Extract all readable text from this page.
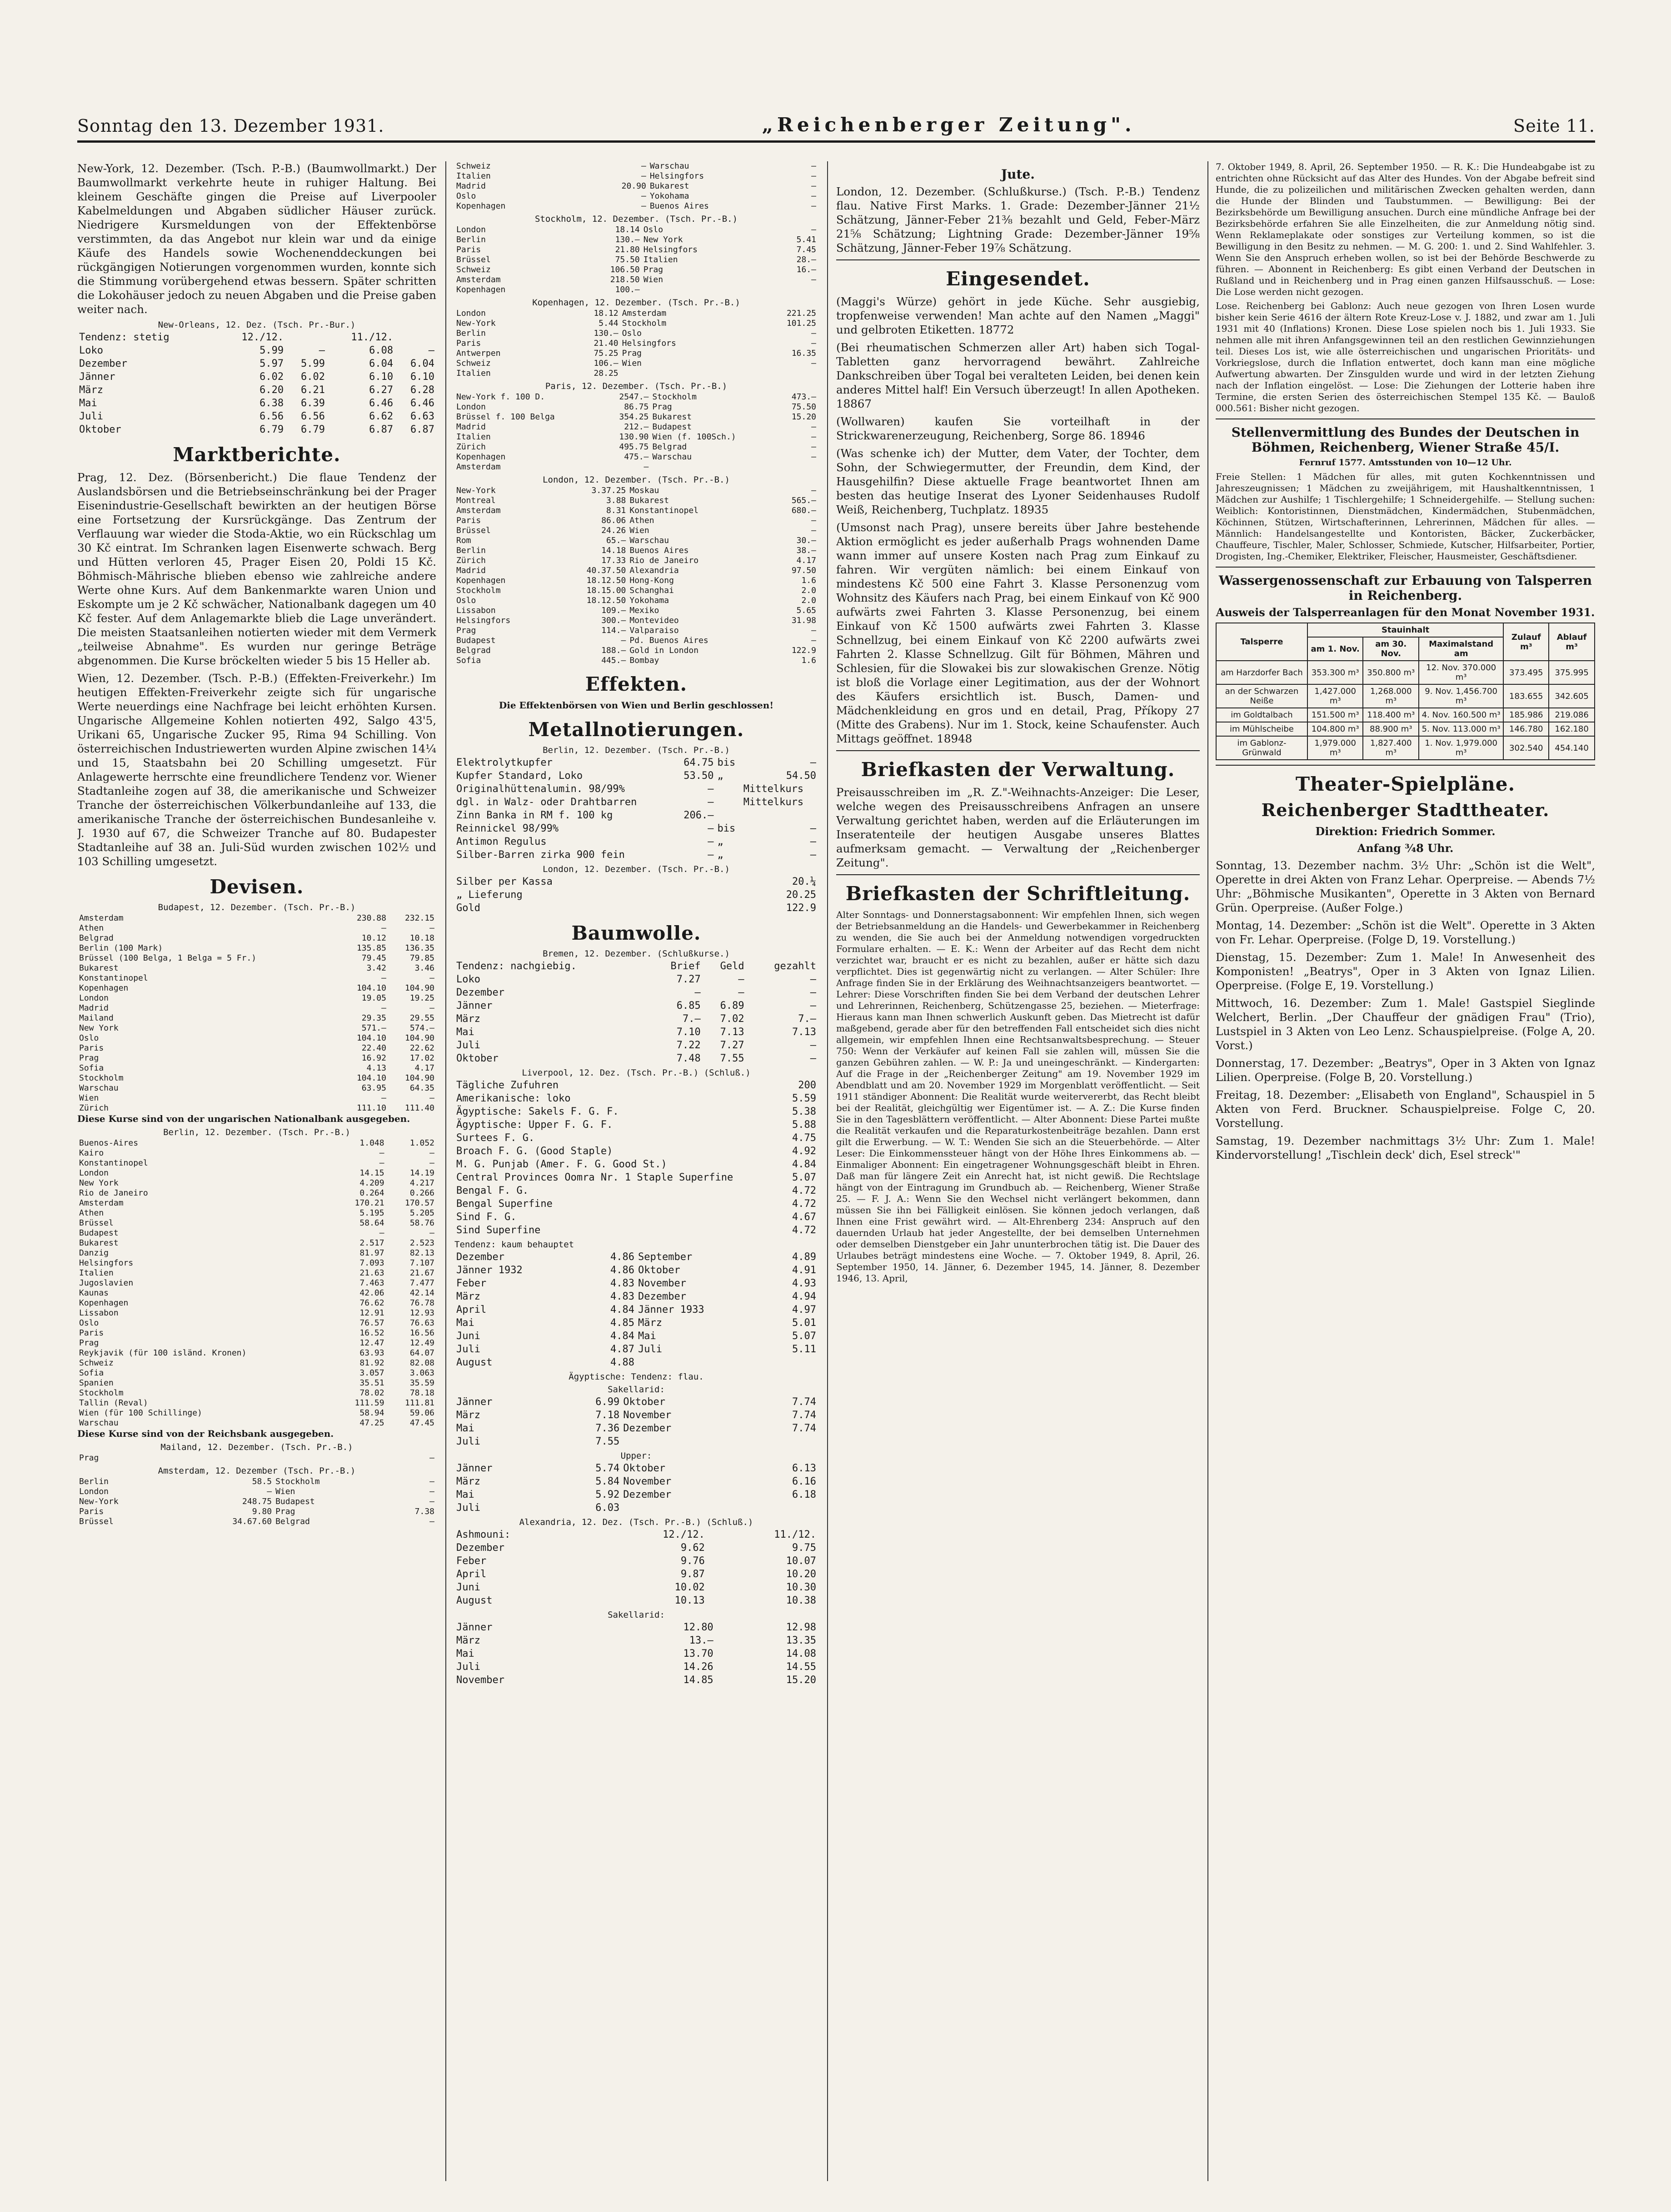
Sonntag den 13. Dezember 1931.	„Reichenberger Zeitung".	Seite 11.

New-York, 12. Dezember. (Tsch. P.-B.) (Baumwollmarkt.) Der Baumwollmarkt verkehrte heute in ruhiger Haltung. Bei kleinem Geschäfte gingen die Preise auf Liverpooler Kabelmeldungen und Abgaben südlicher Häuser zurück. Niedrigere Kursmeldungen von der Effektenbörse verstimmten, da das Angebot nur klein war und da einige Käufe des Handels sowie Wochenenddeckungen bei rückgängigen Notierungen vorgenommen wurden, konnte sich die Stimmung vorübergehend etwas bessern. Später schritten die Lokohäuser jedoch zu neuen Abgaben und die Preise gaben weiter nach.

New-Orleans, 12. Dez. (Tsch. Pr.-Bur.)
Tendenz: stetig	12./12.		11./12.	
Loko	5.99	—	6.08	—
Dezember	5.97	5.99	6.04	6.04
Jänner	6.02	6.02	6.10	6.10
März	6.20	6.21	6.27	6.28
Mai	6.38	6.39	6.46	6.46
Juli	6.56	6.56	6.62	6.63
Oktober	6.79	6.79	6.87	6.87
Marktberichte.

Prag, 12. Dez. (Börsenbericht.) Die flaue Tendenz der Auslandsbörsen und die Betriebseinschränkung bei der Prager Eisenindustrie-Gesellschaft bewirkten an der heutigen Börse eine Fortsetzung der Kursrückgänge. Das Zentrum der Verflauung war wieder die Stoda-Aktie, wo ein Rückschlag um 30 Kč eintrat. Im Schranken lagen Eisenwerte schwach. Berg und Hütten verloren 45, Prager Eisen 20, Poldi 15 Kč. Böhmisch-Mährische blieben ebenso wie zahlreiche andere Werte ohne Kurs. Auf dem Bankenmarkte waren Union und Eskompte um je 2 Kč schwächer, Nationalbank dagegen um 40 Kč fester. Auf dem Anlagemarkte blieb die Lage unverändert. Die meisten Staatsanleihen notierten wieder mit dem Vermerk „teilweise Abnahme". Es wurden nur geringe Beträge abgenommen. Die Kurse bröckelten wieder 5 bis 15 Heller ab.

Wien, 12. Dezember. (Tsch. P.-B.) (Effekten-Freiverkehr.) Im heutigen Effekten-Freiverkehr zeigte sich für ungarische Werte neuerdings eine Nachfrage bei leicht erhöhten Kursen. Ungarische Allgemeine Kohlen notierten 492, Salgo 43'5, Urikani 65, Ungarische Zucker 95, Rima 94 Schilling. Von österreichischen Industriewerten wurden Alpine zwischen 14¼ und 15, Staatsbahn bei 20 Schilling umgesetzt. Für Anlagewerte herrschte eine freundlichere Tendenz vor. Wiener Stadtanleihe zogen auf 38, die amerikanische und Schweizer Tranche der österreichischen Völkerbundanleihe auf 133, die amerikanische Tranche der österreichischen Bundesanleihe v. J. 1930 auf 67, die Schweizer Tranche auf 80. Budapester Stadtanleihe auf 38 an. Juli-Süd wurden zwischen 102½ und 103 Schilling umgesetzt.

Devisen.
Budapest, 12. Dezember. (Tsch. Pr.-B.)
Amsterdam	230.88	232.15
Athen	—	—
Belgrad	10.12	10.18
Berlin (100 Mark)	135.85	136.35
Brüssel (100 Belga, 1 Belga = 5 Fr.)	79.45	79.85
Bukarest	3.42	3.46
Konstantinopel	—	—
Kopenhagen	104.10	104.90
London	19.05	19.25
Madrid	—	—
Mailand	29.35	29.55
New York	571.—	574.—
Oslo	104.10	104.90
Paris	22.40	22.62
Prag	16.92	17.02
Sofia	4.13	4.17
Stockholm	104.10	104.90
Warschau	63.95	64.35
Wien	—	—
Zürich	111.10	111.40

Diese Kurse sind von der ungarischen Nationalbank ausgegeben.

Berlin, 12. Dezember. (Tsch. Pr.-B.)
Buenos-Aires	1.048	1.052
Kairo	—	—
Konstantinopel	—	—
London	14.15	14.19
New York	4.209	4.217
Rio de Janeiro	0.264	0.266
Amsterdam	170.21	170.57
Athen	5.195	5.205
Brüssel	58.64	58.76
Budapest	—	—
Bukarest	2.517	2.523
Danzig	81.97	82.13
Helsingfors	7.093	7.107
Italien	21.63	21.67
Jugoslavien	7.463	7.477
Kaunas	42.06	42.14
Kopenhagen	76.62	76.78
Lissabon	12.91	12.93
Oslo	76.57	76.63
Paris	16.52	16.56
Prag	12.47	12.49
Reykjavik (für 100 isländ. Kronen)	63.93	64.07
Schweiz	81.92	82.08
Sofia	3.057	3.063
Spanien	35.51	35.59
Stockholm	78.02	78.18
Tallin (Reval)	111.59	111.81
Wien (für 100 Schillinge)	58.94	59.06
Warschau	47.25	47.45

Diese Kurse sind von der Reichsbank ausgegeben.

Mailand, 12. Dezember. (Tsch. Pr.-B.)
Prag	—
Amsterdam, 12. Dezember (Tsch. Pr.-B.)
Berlin	58.5	Stockholm	—
London	—	Wien	—
New-York	248.75	Budapest	—
Paris	9.80	Prag	7.38
Brüssel	34.67.60	Belgrad	—
Schweiz	—	Warschau	—
Italien	—	Helsingfors	—
Madrid	20.90	Bukarest	—
Oslo	—	Yokohama	—
Kopenhagen	—	Buenos Aires	—
Stockholm, 12. Dezember. (Tsch. Pr.-B.)
London	18.14	Oslo	—
Berlin	130.—	New York	5.41
Paris	21.80	Helsingfors	7.45
Brüssel	75.50	Italien	28.—
Schweiz	106.50	Prag	16.—
Amsterdam	218.50	Wien	—
Kopenhagen	100.—		
Kopenhagen, 12. Dezember. (Tsch. Pr.-B.)
London	18.12	Amsterdam	221.25
New-York	5.44	Stockholm	101.25
Berlin	130.—	Oslo	—
Paris	21.40	Helsingfors	—
Antwerpen	75.25	Prag	16.35
Schweiz	106.—	Wien	—
Italien	28.25		
Paris, 12. Dezember. (Tsch. Pr.-B.)
New-York f. 100 D.	2547.—	Stockholm	473.—
London	86.75	Prag	75.50
Brüssel f. 100 Belga	354.25	Bukarest	15.20
Madrid	212.—	Budapest	—
Italien	130.90	Wien (f. 100Sch.)	—
Zürich	495.75	Belgrad	—
Kopenhagen	475.—	Warschau	—
Amsterdam	—		
London, 12. Dezember. (Tsch. Pr.-B.)
New-York	3.37.25	Moskau	—
Montreal	3.88	Bukarest	565.—
Amsterdam	8.31	Konstantinopel	680.—
Paris	86.06	Athen	—
Brüssel	24.26	Wien	—
Rom	65.—	Warschau	30.—
Berlin	14.18	Buenos Aires	38.—
Zürich	17.33	Rio de Janeiro	4.17
Madrid	40.37.50	Alexandria	97.50
Kopenhagen	18.12.50	Hong-Kong	1.6
Stockholm	18.15.00	Schanghai	2.0
Oslo	18.12.50	Yokohama	2.0
Lissabon	109.—	Mexiko	5.65
Helsingfors	300.—	Montevideo	31.98
Prag	114.—	Valparaiso	—
Budapest	—	Pd. Buenos Aires	—
Belgrad	188.—	Gold in London	122.9
Sofia	445.—	Bombay	1.6
Effekten.

Die Effektenbörsen von Wien und Berlin geschlossen!

Metallnotierungen.
Berlin, 12. Dezember. (Tsch. Pr.-B.)
Elektrolytkupfer	64.75	bis	—
Kupfer Standard, Loko	53.50	„	54.50
Originalhüttenalumin. 98/99%	—		Mittelkurs
dgl. in Walz- oder Drahtbarren	—		Mittelkurs
Zinn Banka in RM f. 100 kg	206.—		
Reinnickel 98/99%	—	bis	—
Antimon Regulus	—	„	—
Silber-Barren zirka 900 fein	—	„	—
London, 12. Dezember. (Tsch. Pr.-B.)
Silber per Kassa	20.¼
„ Lieferung	20.25
Gold	122.9
Baumwolle.
Bremen, 12. Dezember. (Schlußkurse.)
Tendenz: nachgiebig.	Brief	Geld	gezahlt
Loko	7.27	—	—
Dezember	—	—	—
Jänner	6.85	6.89	—
März	7.—	7.02	7.—
Mai	7.10	7.13	7.13
Juli	7.22	7.27	—
Oktober	7.48	7.55	—
Liverpool, 12. Dez. (Tsch. Pr.-B.) (Schluß.)
Tägliche Zufuhren	200
Amerikanische: loko	5.59
Ägyptische: Sakels F. G. F.	5.38
Ägyptische: Upper F. G. F.	5.88
Surtees F. G.	4.75
Broach F. G. (Good Staple)	4.92
M. G. Punjab (Amer. F. G. Good St.)	4.84
Central Provinces Oomra Nr. 1 Staple Superfine	5.07
Bengal F. G.	4.72
Bengal Superfine	4.72
Sind F. G.	4.67
Sind Superfine	4.72
Tendenz: kaum behauptet
Dezember	4.86	September	4.89
Jänner 1932	4.86	Oktober	4.91
Feber	4.83	November	4.93
März	4.83	Dezember	4.94
April	4.84	Jänner 1933	4.97
Mai	4.85	März	5.01
Juni	4.84	Mai	5.07
Juli	4.87	Juli	5.11
August	4.88		
Ägyptische: Tendenz: flau.
Sakellarid:
Jänner	6.99	Oktober	7.74
März	7.18	November	7.74
Mai	7.36	Dezember	7.74
Juli	7.55		
Upper:
Jänner	5.74	Oktober	6.13
März	5.84	November	6.16
Mai	5.92	Dezember	6.18
Juli	6.03		
Alexandria, 12. Dez. (Tsch. Pr.-B.) (Schluß.)
Ashmouni:	12./12.	11./12.
Dezember	9.62	9.75
Feber	9.76	10.07
April	9.87	10.20
Juni	10.02	10.30
August	10.13	10.38
Sakellarid:
Jänner	12.80	12.98
März	13.—	13.35
Mai	13.70	14.08
Juli	14.26	14.55
November	14.85	15.20
Jute.

London, 12. Dezember. (Schlußkurse.) (Tsch. P.-B.) Tendenz flau. Native First Marks. 1. Grade: Dezember-Jänner 21½ Schätzung, Jänner-Feber 21⅜ bezahlt und Geld, Feber-März 21⅝ Schätzung; Lightning Grade: Dezember-Jänner 19⅝ Schätzung, Jänner-Feber 19⅞ Schätzung.

Eingesendet.

(Maggi's Würze) gehört in jede Küche. Sehr ausgiebig, tropfenweise verwenden! Man achte auf den Namen „Maggi" und gelbroten Etiketten. 18772

(Bei rheumatischen Schmerzen aller Art) haben sich Togal-Tabletten ganz hervorragend bewährt. Zahlreiche Dankschreiben über Togal bei veralteten Leiden, bei denen kein anderes Mittel half! Ein Versuch überzeugt! In allen Apotheken. 18867

(Wollwaren) kaufen Sie vorteilhaft in der Strickwarenerzeugung, Reichenberg, Sorge 86. 18946

(Was schenke ich) der Mutter, dem Vater, der Tochter, dem Sohn, der Schwiegermutter, der Freundin, dem Kind, der Hausgehilfin? Diese aktuelle Frage beantwortet Ihnen am besten das heutige Inserat des Lyoner Seidenhauses Rudolf Weiß, Reichenberg, Tuchplatz. 18935

(Umsonst nach Prag), unsere bereits über Jahre bestehende Aktion ermöglicht es jeder außerhalb Prags wohnenden Dame wann immer auf unsere Kosten nach Prag zum Einkauf zu fahren. Wir vergüten nämlich: bei einem Einkauf von mindestens Kč 500 eine Fahrt 3. Klasse Personenzug vom Wohnsitz des Käufers nach Prag, bei einem Einkauf von Kč 900 aufwärts zwei Fahrten 3. Klasse Personenzug, bei einem Einkauf von Kč 1500 aufwärts zwei Fahrten 3. Klasse Schnellzug, bei einem Einkauf von Kč 2200 aufwärts zwei Fahrten 2. Klasse Schnellzug. Gilt für Böhmen, Mähren und Schlesien, für die Slowakei bis zur slowakischen Grenze. Nötig ist bloß die Vorlage einer Legitimation, aus der der Wohnort des Käufers ersichtlich ist. Busch, Damen- und Mädchenkleidung en gros und en detail, Prag, Příkopy 27 (Mitte des Grabens). Nur im 1. Stock, keine Schaufenster. Auch Mittags geöffnet. 18948

Briefkasten der Verwaltung.

Preisausschreiben im „R. Z."-Weihnachts-Anzeiger: Die Leser, welche wegen des Preisausschreibens Anfragen an unsere Verwaltung gerichtet haben, werden auf die Erläuterungen im Inseratenteile der heutigen Ausgabe unseres Blattes aufmerksam gemacht. — Verwaltung der „Reichenberger Zeitung".

Briefkasten der Schriftleitung.

Alter Sonntags- und Donnerstagsabonnent: Wir empfehlen Ihnen, sich wegen der Betriebsanmeldung an die Handels- und Gewerbekammer in Reichenberg zu wenden, die Sie auch bei der Anmeldung notwendigen vorgedruckten Formulare erhalten. — E. K.: Wenn der Arbeiter auf das Recht dem nicht verzichtet war, braucht er es nicht zu bezahlen, außer er hätte sich dazu verpflichtet. Dies ist gegenwärtig nicht zu verlangen. — Alter Schüler: Ihre Anfrage finden Sie in der Erklärung des Weihnachtsanzeigers beantwortet. — Lehrer: Diese Vorschriften finden Sie bei dem Verband der deutschen Lehrer und Lehrerinnen, Reichenberg, Schützengasse 25, beziehen. — Mieterfrage: Hieraus kann man Ihnen schwerlich Auskunft geben. Das Mietrecht ist dafür maßgebend, gerade aber für den betreffenden Fall entscheidet sich dies nicht allgemein, wir empfehlen Ihnen eine Rechtsanwaltsbesprechung. — Steuer 750: Wenn der Verkäufer auf keinen Fall sie zahlen will, müssen Sie die ganzen Gebühren zahlen. — W. P.: Ja und uneingeschränkt. — Kindergarten: Auf die Frage in der „Reichenberger Zeitung" am 19. November 1929 im Abendblatt und am 20. November 1929 im Morgenblatt veröffentlicht. — Seit 1911 ständiger Abonnent: Die Realität wurde weitervererbt, das Recht bleibt bei der Realität, gleichgültig wer Eigentümer ist. — A. Z.: Die Kurse finden Sie in den Tagesblättern veröffentlicht. — Alter Abonnent: Diese Partei mußte die Realität verkaufen und die Reparaturkostenbeiträge bezahlen. Dann erst gilt die Erwerbung. — W. T.: Wenden Sie sich an die Steuerbehörde. — Alter Leser: Die Einkommenssteuer hängt von der Höhe Ihres Einkommens ab. — Einmaliger Abonnent: Ein eingetragener Wohnungsgeschäft bleibt in Ehren. Daß man für längere Zeit ein Anrecht hat, ist nicht gewiß. Die Rechtslage hängt von der Eintragung im Grundbuch ab. — Reichenberg, Wiener Straße 25. — F. J. A.: Wenn Sie den Wechsel nicht verlängert bekommen, dann müssen Sie ihn bei Fälligkeit einlösen. Sie können jedoch verlangen, daß Ihnen eine Frist gewährt wird. — Alt-Ehrenberg 234: Anspruch auf den dauernden Urlaub hat jeder Angestellte, der bei demselben Unternehmen oder demselben Dienstgeber ein Jahr ununterbrochen tätig ist. Die Dauer des Urlaubes beträgt mindestens eine Woche. — 7. Oktober 1949, 8. April, 26. September 1950, 14. Jänner, 6. Dezember 1945, 14. Jänner, 8. Dezember 1946, 13. April,

7. Oktober 1949, 8. April, 26. September 1950. — R. K.: Die Hundeabgabe ist zu entrichten ohne Rücksicht auf das Alter des Hundes. Von der Abgabe befreit sind Hunde, die zu polizeilichen und militärischen Zwecken gehalten werden, dann die Hunde der Blinden und Taubstummen. — Bewilligung: Bei der Bezirksbehörde um Bewilligung ansuchen. Durch eine mündliche Anfrage bei der Bezirksbehörde erfahren Sie alle Einzelheiten, die zur Anmeldung nötig sind. Wenn Reklameplakate oder sonstiges zur Verteilung kommen, so ist die Bewilligung in den Besitz zu nehmen. — M. G. 200: 1. und 2. Sind Wahlfehler. 3. Wenn Sie den Anspruch erheben wollen, so ist bei der Behörde Beschwerde zu führen. — Abonnent in Reichenberg: Es gibt einen Verband der Deutschen in Rußland und in Reichenberg und in Prag einen ganzen Hilfsausschuß. — Lose: Die Lose werden nicht gezogen.

Lose. Reichenberg bei Gablonz: Auch neue gezogen von Ihren Losen wurde bisher kein Serie 4616 der ältern Rote Kreuz-Lose v. J. 1882, und zwar am 1. Juli 1931 mit 40 (Inflations) Kronen. Diese Lose spielen noch bis 1. Juli 1933. Sie nehmen alle mit ihren Anfangsgewinnen teil an den restlichen Gewinnziehungen teil. Dieses Los ist, wie alle österreichischen und ungarischen Prioritäts- und Vorkriegslose, durch die Inflation entwertet, doch kann man eine mögliche Aufwertung abwarten. Der Zinsgulden wurde und wird in der letzten Ziehung nach der Inflation eingelöst. — Lose: Die Ziehungen der Lotterie haben ihre Termine, die ersten Serien des österreichischen Stempel 135 Kč. — Bauloß 000.561: Bisher nicht gezogen.

Stellenvermittlung des Bundes der Deutschen in Böhmen, Reichenberg, Wiener Straße 45/I.
Fernruf 1577. Amtsstunden von 10—12 Uhr.

Freie Stellen: 1 Mädchen für alles, mit guten Kochkenntnissen und Jahreszeugnissen; 1 Mädchen zu zweijährigem, mit Haushaltkenntnissen, 1 Mädchen zur Aushilfe; 1 Tischlergehilfe; 1 Schneidergehilfe. — Stellung suchen: Weiblich: Kontoristinnen, Dienstmädchen, Kindermädchen, Stubenmädchen, Köchinnen, Stützen, Wirtschafterinnen, Lehrerinnen, Mädchen für alles. — Männlich: Handelsangestellte und Kontoristen, Bäcker, Zuckerbäcker, Chauffeure, Tischler, Maler, Schlosser, Schmiede, Kutscher, Hilfsarbeiter, Portier, Drogisten, Ing.-Chemiker, Elektriker, Fleischer, Hausmeister, Geschäftsdiener.

Wassergenossenschaft zur Erbauung von Talsperren in Reichenberg.
Ausweis der Talsperreanlagen für den Monat November 1931.
Talsperre	Stauinhalt			Zulauf m³	Ablauf m³
	am 1. Nov.	am 30. Nov.	Maximalstand am		
am Harzdorfer Bach	353.300 m³	350.800 m³	12. Nov. 370.000 m³	373.495	375.995
an der Schwarzen Neiße	1,427.000 m³	1,268.000 m³	9. Nov. 1,456.700 m³	183.655	342.605
im Goldtalbach	151.500 m³	118.400 m³	4. Nov. 160.500 m³	185.986	219.086
im Mühlscheibe	104.800 m³	88.900 m³	5. Nov. 113.000 m³	146.780	162.180
im Gablonz-Grünwald	1,979.000 m³	1,827.400 m³	1. Nov. 1,979.000 m³	302.540	454.140
Theater-Spielpläne.
Reichenberger Stadttheater.
Direktion: Friedrich Sommer.
Anfang ¾8 Uhr.

Sonntag, 13. Dezember nachm. 3½ Uhr: „Schön ist die Welt", Operette in drei Akten von Franz Lehar. Operpreise. — Abends 7½ Uhr: „Böhmische Musikanten", Operette in 3 Akten von Bernard Grün. Operpreise. (Außer Folge.)

Montag, 14. Dezember: „Schön ist die Welt". Operette in 3 Akten von Fr. Lehar. Operpreise. (Folge D, 19. Vorstellung.)

Dienstag, 15. Dezember: Zum 1. Male! In Anwesenheit des Komponisten! „Beatrys", Oper in 3 Akten von Ignaz Lilien. Operpreise. (Folge E, 19. Vorstellung.)

Mittwoch, 16. Dezember: Zum 1. Male! Gastspiel Sieglinde Welchert, Berlin. „Der Chauffeur der gnädigen Frau" (Trio), Lustspiel in 3 Akten von Leo Lenz. Schauspielpreise. (Folge A, 20. Vorst.)

Donnerstag, 17. Dezember: „Beatrys", Oper in 3 Akten von Ignaz Lilien. Operpreise. (Folge B, 20. Vorstellung.)

Freitag, 18. Dezember: „Elisabeth von England", Schauspiel in 5 Akten von Ferd. Bruckner. Schauspielpreise. Folge C, 20. Vorstellung.

Samstag, 19. Dezember nachmittags 3½ Uhr: Zum 1. Male! Kindervorstellung! „Tischlein deck' dich, Esel streck'"
